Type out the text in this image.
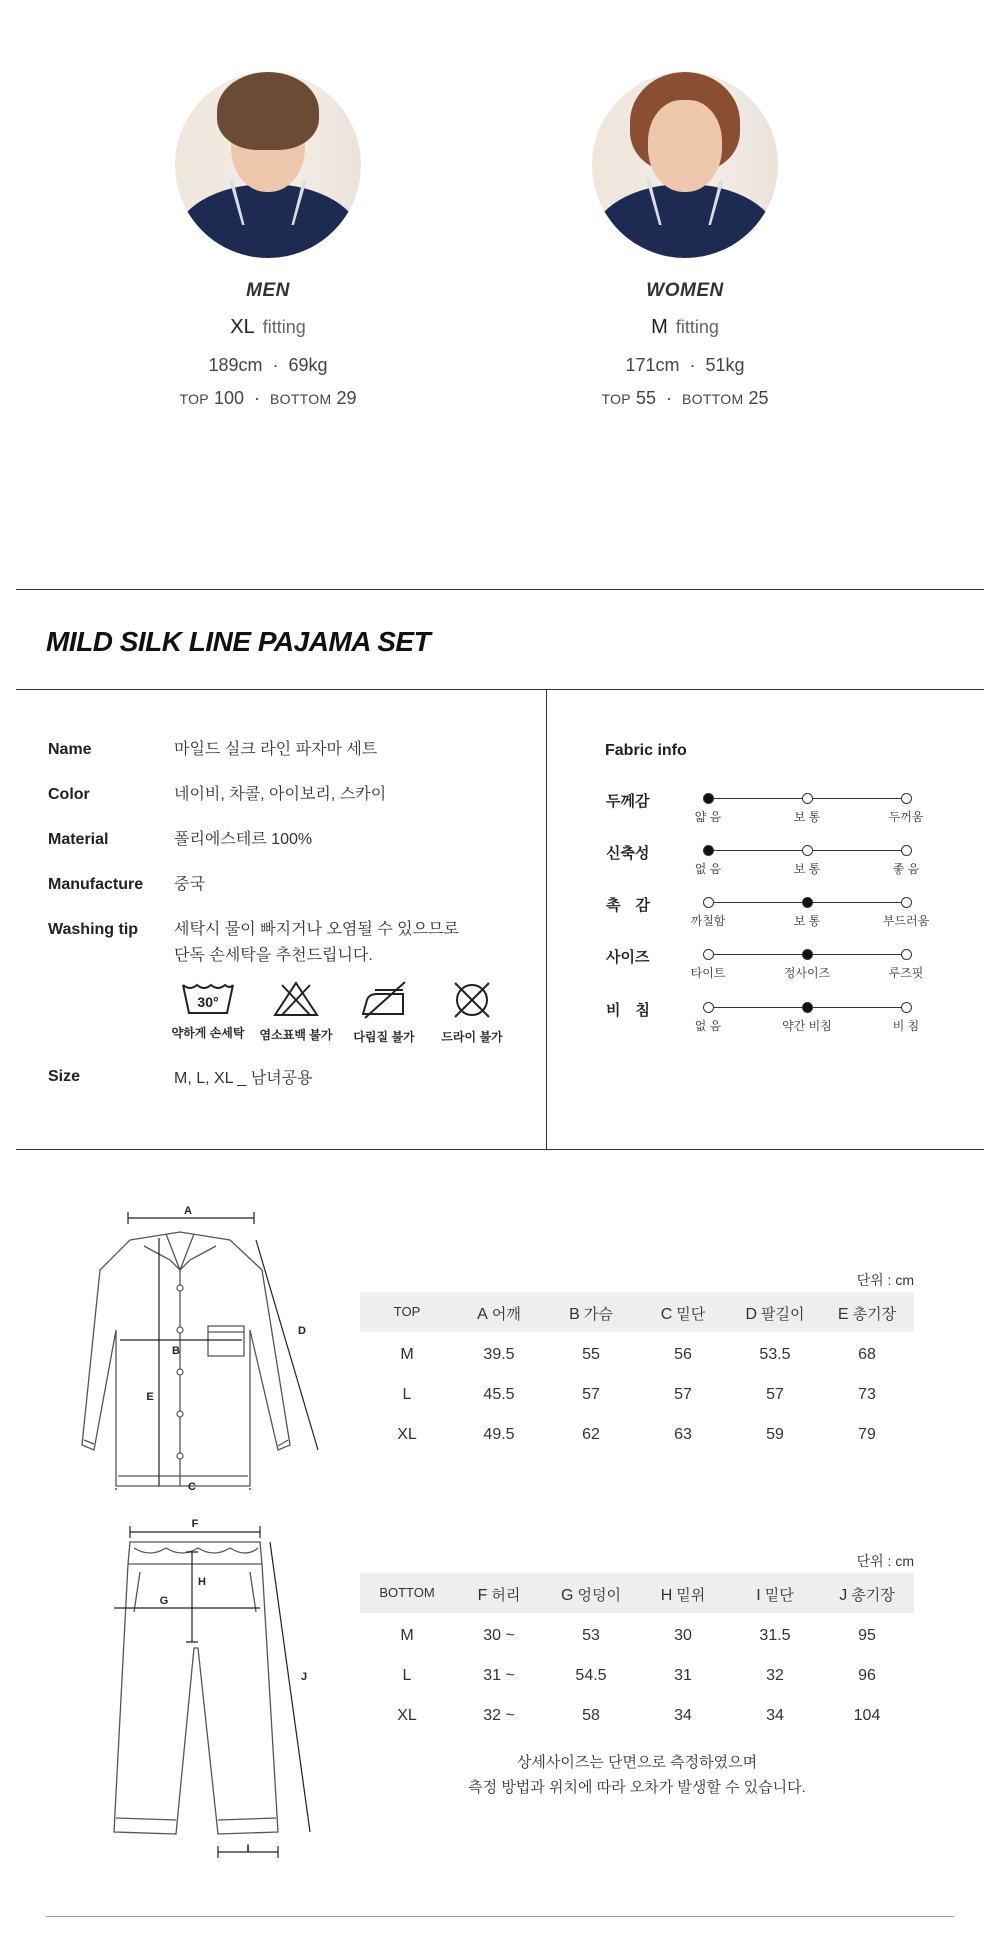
MEN
XL fitting
189cm  ·  69kg
TOP 100  ·  BOTTOM 29
WOMEN
M fitting
171cm  ·  51kg
TOP 55  ·  BOTTOM 25
MILD SILK LINE PAJAMA SET
Name	마일드 실크 라인 파자마 세트
Color	네이비, 차콜, 아이보리, 스카이
Material	폴리에스테르 100%
Manufacture	중국
Washing tip	세탁시 물이 빠지거나 오염될 수 있으므로
단독 손세탁을 추천드립니다.
30°
약하게 손세탁	염소표백 불가	다림질 불가	드라이 불가
Size	M, L, XL _ 남녀공용
Fabric info
두께감
얇 음	보 통	두꺼움
신축성
없 음	보 통	좋 음
촉　감
까칠함	보 통	부드러움
사이즈
타이트	정사이즈	루즈핏
비　침
없 음	약간 비침	비 침
A
B
C
D
E
단위 : cm
TOP	A 어깨	B 가슴	C 밑단	D 팔길이	E 총기장
M	39.5	55	56	53.5	68
L	45.5	57	57	57	73
XL	49.5	62	63	59	79
F
G
H
I
J
단위 : cm
BOTTOM	F 허리	G 엉덩이	H 밑위	I 밑단	J 총기장
M	30 ~	53	30	31.5	95
L	31 ~	54.5	31	32	96
XL	32 ~	58	34	34	104
상세사이즈는 단면으로 측정하였으며
측정 방법과 위치에 따라 오차가 발생할 수 있습니다.
